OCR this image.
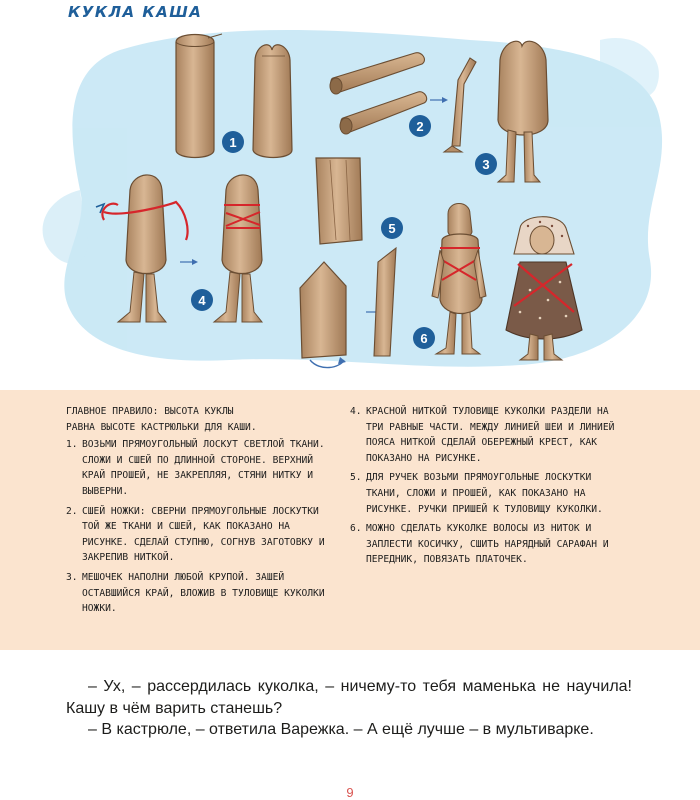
1
2
3
4
5
6
КУКЛА КАША
ГЛАВНОЕ ПРАВИЛО: ВЫСОТА КУКЛЫ
РАВНА ВЫСОТЕ КАСТРЮЛЬКИ ДЛЯ КАШИ.
1. ВОЗЬМИ ПРЯМОУГОЛЬНЫЙ ЛОСКУТ СВЕТЛОЙ ТКАНИ. СЛОЖИ И СШЕЙ ПО ДЛИННОЙ СТОРОНЕ. ВЕРХНИЙ КРАЙ ПРОШЕЙ, НЕ ЗАКРЕПЛЯЯ, СТЯНИ НИТКУ И ВЫВЕРНИ.
2. СШЕЙ НОЖКИ: СВЕРНИ ПРЯМОУГОЛЬНЫЕ ЛОСКУТКИ ТОЙ ЖЕ ТКАНИ И СШЕЙ, КАК ПОКАЗАНО НА РИСУНКЕ. СДЕЛАЙ СТУПНЮ, СОГНУВ ЗАГОТОВКУ И ЗАКРЕПИВ НИТКОЙ.
3. МЕШОЧЕК НАПОЛНИ ЛЮБОЙ КРУПОЙ. ЗАШЕЙ ОСТАВШИЙСЯ КРАЙ, ВЛОЖИВ В ТУЛОВИЩЕ КУКОЛКИ НОЖКИ.
4. КРАСНОЙ НИТКОЙ ТУЛОВИЩЕ КУКОЛКИ РАЗДЕЛИ НА ТРИ РАВНЫЕ ЧАСТИ. МЕЖДУ ЛИНИЕЙ ШЕИ И ЛИНИЕЙ ПОЯСА НИТКОЙ СДЕЛАЙ ОБЕРЕЖНЫЙ КРЕСТ, КАК ПОКАЗАНО НА РИСУНКЕ.
5. ДЛЯ РУЧЕК ВОЗЬМИ ПРЯМОУГОЛЬНЫЕ ЛОСКУТКИ ТКАНИ, СЛОЖИ И ПРОШЕЙ, КАК ПОКАЗАНО НА РИСУНКЕ. РУЧКИ ПРИШЕЙ К ТУЛОВИЩУ КУКОЛКИ.
6. МОЖНО СДЕЛАТЬ КУКОЛКЕ ВОЛОСЫ ИЗ НИТОК И ЗАПЛЕСТИ КОСИЧКУ, СШИТЬ НАРЯДНЫЙ САРАФАН И ПЕРЕДНИК, ПОВЯЗАТЬ ПЛАТОЧЕК.

– Ух, – рассердилась куколка, – ничему-то тебя маменька не научила! Кашу в чём варить станешь?

– В кастрюле, – ответила Варежка. – А ещё лучше – в мультиварке.

9
